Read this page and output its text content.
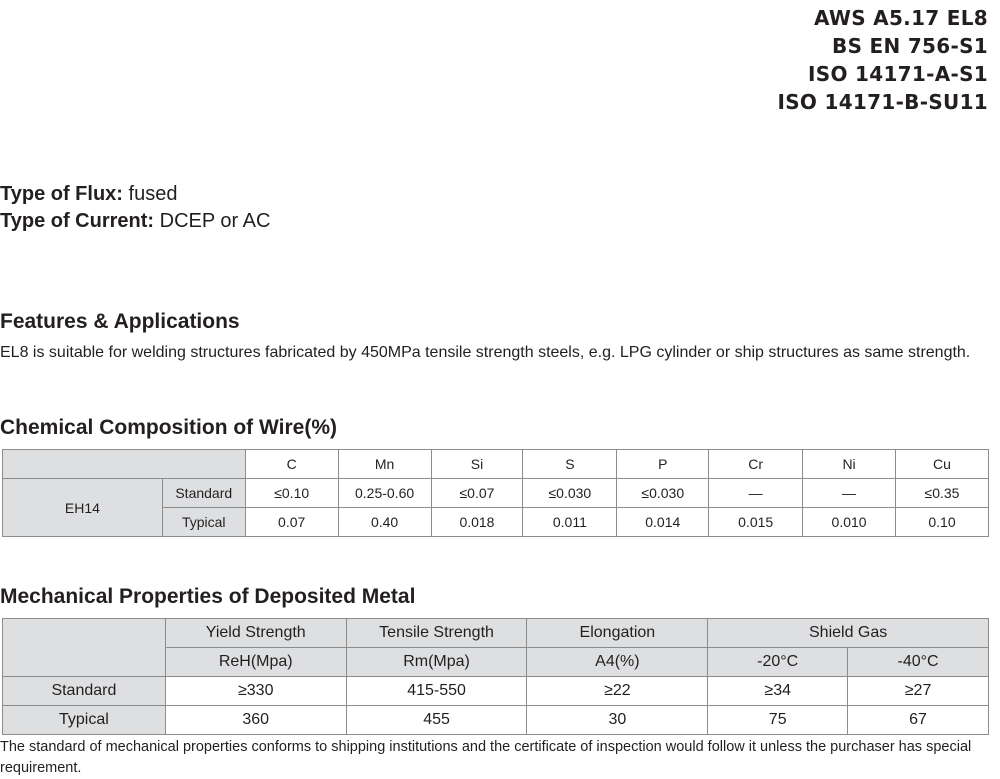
AWS A5.17 EL8
BS EN 756-S1
ISO 14171-A-S1
ISO 14171-B-SU11
Type of Flux: fused
Type of Current: DCEP or AC
Features & Applications
EL8 is suitable for welding structures fabricated by 450MPa tensile strength steels, e.g. LPG cylinder or ship structures as same strength.
Chemical Composition of Wire(%)
		C	Mn	Si	S	P	Cr	Ni	Cu
EH14	Standard	≤0.10	0.25-0.60	≤0.07	≤0.030	≤0.030	—	—	≤0.35
	Typical	0.07	0.40	0.018	0.011	0.014	0.015	0.010	0.10
Mechanical Properties of Deposited Metal
	Yield Strength	Tensile Strength	Elongation	Shield Gas	
	ReH(Mpa)	Rm(Mpa)	A4(%)	-20°C	-40°C
Standard	≥330	415-550	≥22	≥34	≥27
Typical	360	455	30	75	67
The standard of mechanical properties conforms to shipping institutions and the certificate of inspection would follow it unless the purchaser has special requirement.
